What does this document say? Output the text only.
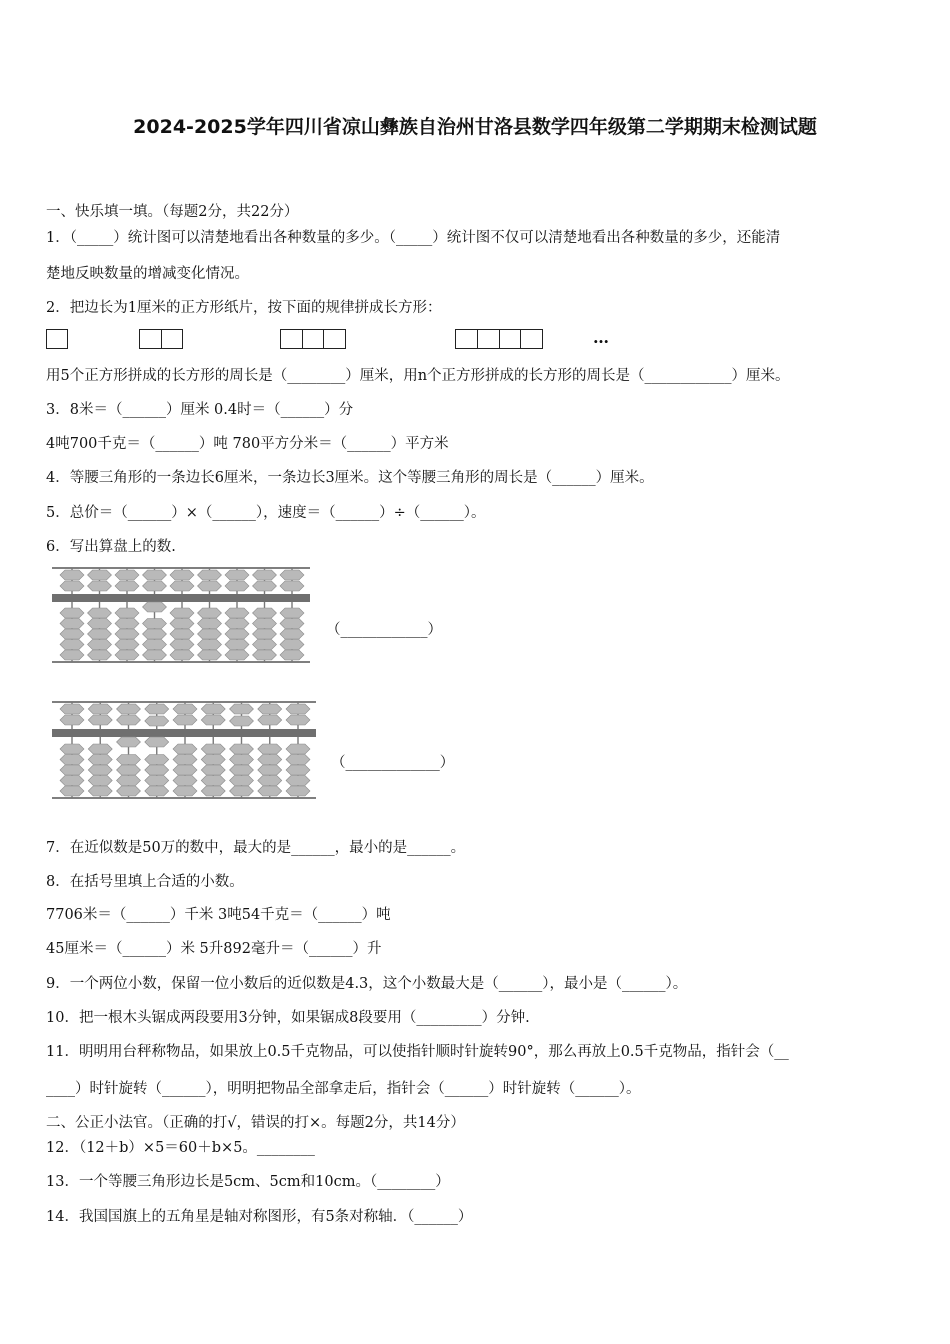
2024-2025学年四川省凉山彝族自治州甘洛县数学四年级第二学期期末检测试题
一、快乐填一填。（每题2分，共22分）
1．（_____）统计图可以清楚地看出各种数量的多少。（_____）统计图不仅可以清楚地看出各种数量的多少，还能清
楚地反映数量的增减变化情况。
2．把边长为1厘米的正方形纸片，按下面的规律拼成长方形：
…
用5个正方形拼成的长方形的周长是（________）厘米，用n个正方形拼成的长方形的周长是（____________）厘米。
3．8米＝（______）厘米 0.4时＝（______）分
4吨700千克＝（______）吨 780平方分米＝（______）平方米
4．等腰三角形的一条边长6厘米，一条边长3厘米。这个等腰三角形的周长是（______）厘米。
5．总价＝（______）×（______），速度＝（______）÷（______）。
6．写出算盘上的数.
（____________）
（_____________）
7．在近似数是50万的数中，最大的是______，最小的是______。
8．在括号里填上合适的小数。
7706米＝（______）千米 3吨54千克＝（______）吨
45厘米＝（______）米 5升892毫升＝（______）升
9．一个两位小数，保留一位小数后的近似数是4.3，这个小数最大是（______），最小是（______）。
10．把一根木头锯成两段要用3分钟，如果锯成8段要用（_________）分钟.
11．明明用台秤称物品，如果放上0.5千克物品，可以使指针顺时针旋转90°，那么再放上0.5千克物品，指针会（__
____）时针旋转（______），明明把物品全部拿走后，指针会（______）时针旋转（______）。
二、公正小法官。（正确的打√，错误的打×。每题2分，共14分）
12．（12＋b）×5＝60＋b×5。________
13．一个等腰三角形边长是5cm、5cm和10cm。（________）
14．我国国旗上的五角星是轴对称图形，有5条对称轴．（______）
